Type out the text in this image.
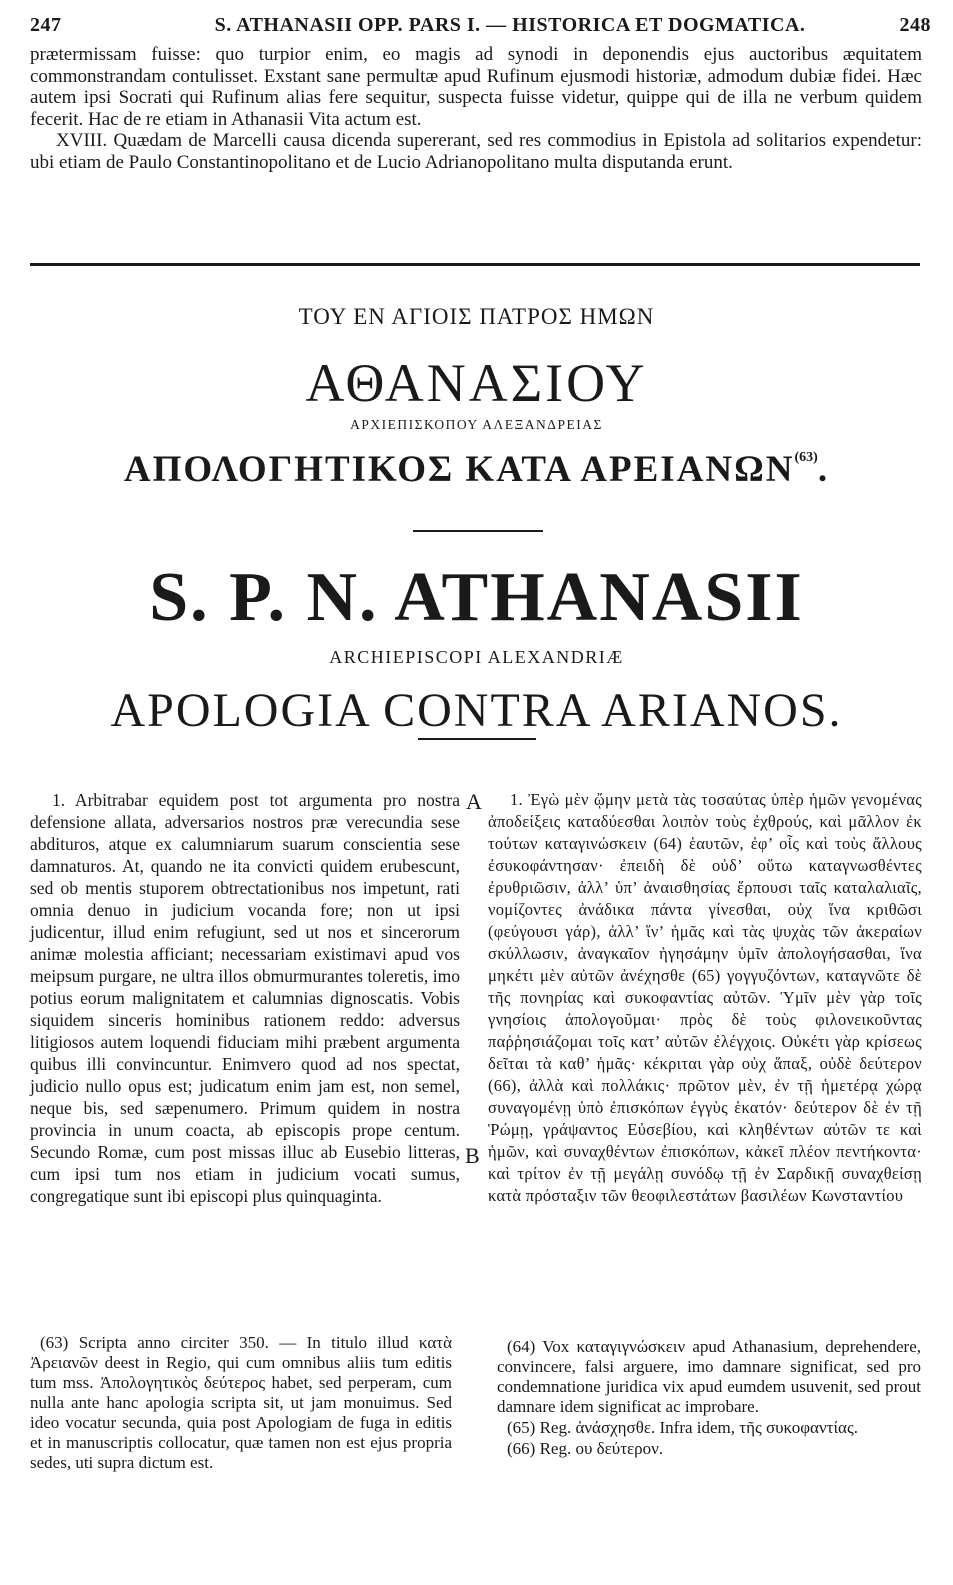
247	S. ATHANASII OPP. PARS I. — HISTORICA ET DOGMATICA.	248

prætermissam fuisse: quo turpior enim, eo magis ad synodi in deponendis ejus auctoribus æquitatem commonstrandam contulisset. Exstant sane permultæ apud Rufinum ejusmodi historiæ, admodum dubiæ fidei. Hæc autem ipsi Socrati qui Rufinum alias fere sequitur, suspecta fuisse videtur, quippe qui de illa ne verbum quidem fecerit. Hac de re etiam in Athanasii Vita actum est.

XVIII. Quædam de Marcelli causa dicenda supererant, sed res commodius in Epistola ad solitarios expendetur: ubi etiam de Paulo Constantinopolitano et de Lucio Adrianopolitano multa disputanda erunt.

ΤΟΥ ΕΝ ΑΓΙΟΙΣ ΠΑΤΡΟΣ ΗΜΩΝ
ΑΘΑΝΑΣΙΟΥ
ΑΡΧΙΕΠΙΣΚΟΠΟΥ ΑΛΕΞΑΝΔΡΕΙΑΣ
ΑΠΟΛΟΓΗΤΙΚΟΣ ΚΑΤΑ ΑΡΕΙΑΝΩΝ$^{(63)}$.
S. P. N. ATHANASII
ARCHIEPISCOPI ALEXANDRIÆ
APOLOGIA CONTRA ARIANOS.

1. Arbitrabar equidem post tot argumenta pro nostra defensione allata, adversarios nostros præ verecundia sese abdituros, atque ex calumniarum suarum conscientia sese damnaturos. At, quando ne ita convicti quidem erubescunt, sed ob mentis stuporem obtrectationibus nos impetunt, rati omnia denuo in judicium vocanda fore; non ut ipsi judicentur, illud enim refugiunt, sed ut nos et sincerorum animæ molestia afficiant; necessariam existimavi apud vos meipsum purgare, ne ultra illos obmurmurantes toleretis, imo potius eorum malignitatem et calumnias dignoscatis. Vobis siquidem sinceris hominibus rationem reddo: adversus litigiosos autem loquendi fiduciam mihi præbent argumenta quibus illi convincuntur. Enimvero quod ad nos spectat, judicio nullo opus est; judicatum enim jam est, non semel, neque bis, sed sæpenumero. Primum quidem in nostra provincia in unum coacta, ab episcopis prope centum. Secundo Romæ, cum post missas illuc ab Eusebio litteras, cum ipsi tum nos etiam in judicium vocati sumus, congregatique sunt ibi episcopi plus quinquaginta.

A
B

1. Ἐγὼ μὲν ᾤμην μετὰ τὰς τοσαύτας ὑπὲρ ἡμῶν γενομένας ἀποδείξεις καταδύεσθαι λοιπὸν τοὺς ἐχθρούς, καὶ μᾶλλον ἐκ τούτων καταγινώσκειν (64) ἑαυτῶν, ἐφ’ οἷς καὶ τοὺς ἄλλους ἐσυκοφάντησαν· ἐπειδὴ δὲ οὐδ’ οὕτω καταγνωσθέντες ἐρυθριῶσιν, ἀλλ’ ὑπ’ ἀναισθησίας ἕρπουσι ταῖς καταλαλιαῖς, νομίζοντες ἀνάδικα πάντα γίνεσθαι, οὐχ ἵνα κριθῶσι (φεύγουσι γάρ), ἀλλ’ ἵν’ ἡμᾶς καὶ τὰς ψυχὰς τῶν ἀκεραίων σκύλλωσιν, ἀναγκαῖον ἡγησάμην ὑμῖν ἀπολογήσασθαι, ἵνα μηκέτι μὲν αὐτῶν ἀνέχησθε (65) γογγυζόντων, καταγνῶτε δὲ τῆς πονηρίας καὶ συκοφαντίας αὐτῶν. Ὑμῖν μὲν γὰρ τοῖς γνησίοις ἀπολογοῦμαι· πρὸς δὲ τοὺς φιλονεικοῦντας παῤῥησιάζομαι τοῖς κατ’ αὐτῶν ἐλέγχοις. Οὐκέτι γὰρ κρίσεως δεῖται τὰ καθ’ ἡμᾶς· κέκριται γὰρ οὐχ ἅπαξ, οὐδὲ δεύτερον (66), ἀλλὰ καὶ πολλάκις· πρῶτον μὲν, ἐν τῇ ἡμετέρᾳ χώρᾳ συναγομένῃ ὑπὸ ἐπισκόπων ἐγγὺς ἑκατόν· δεύτερον δὲ ἐν τῇ Ῥώμῃ, γράψαντος Εὐσεβίου, καὶ κληθέντων αὐτῶν τε καὶ ἡμῶν, καὶ συναχθέντων ἐπισκόπων, κἀκεῖ πλέον πεντήκοντα· καὶ τρίτον ἐν τῇ μεγάλῃ συνόδῳ τῇ ἐν Σαρδικῇ συναχθείσῃ κατὰ πρόσταξιν τῶν θεοφιλεστάτων βασιλέων Κωνσταντίου

(63) Scripta anno circiter 350. — In titulo illud κατὰ Ἀρειανῶν deest in Regio, qui cum omnibus aliis tum editis tum mss. Ἀπολογητικὸς δεύτερος habet, sed perperam, cum nulla ante hanc apologia scripta sit, ut jam monuimus. Sed ideo vocatur secunda, quia post Apologiam de fuga in editis et in manuscriptis collocatur, quæ tamen non est ejus propria sedes, uti supra dictum est.

(64) Vox καταγιγνώσκειν apud Athanasium, deprehendere, convincere, falsi arguere, imo damnare significat, sed pro condemnatione juridica vix apud eumdem usuvenit, sed prout damnare idem significat ac improbare.

(65) Reg. ἀνάσχησθε. Infra idem, τῆς συκοφαντίας.

(66) Reg. ου δεύτερον.
